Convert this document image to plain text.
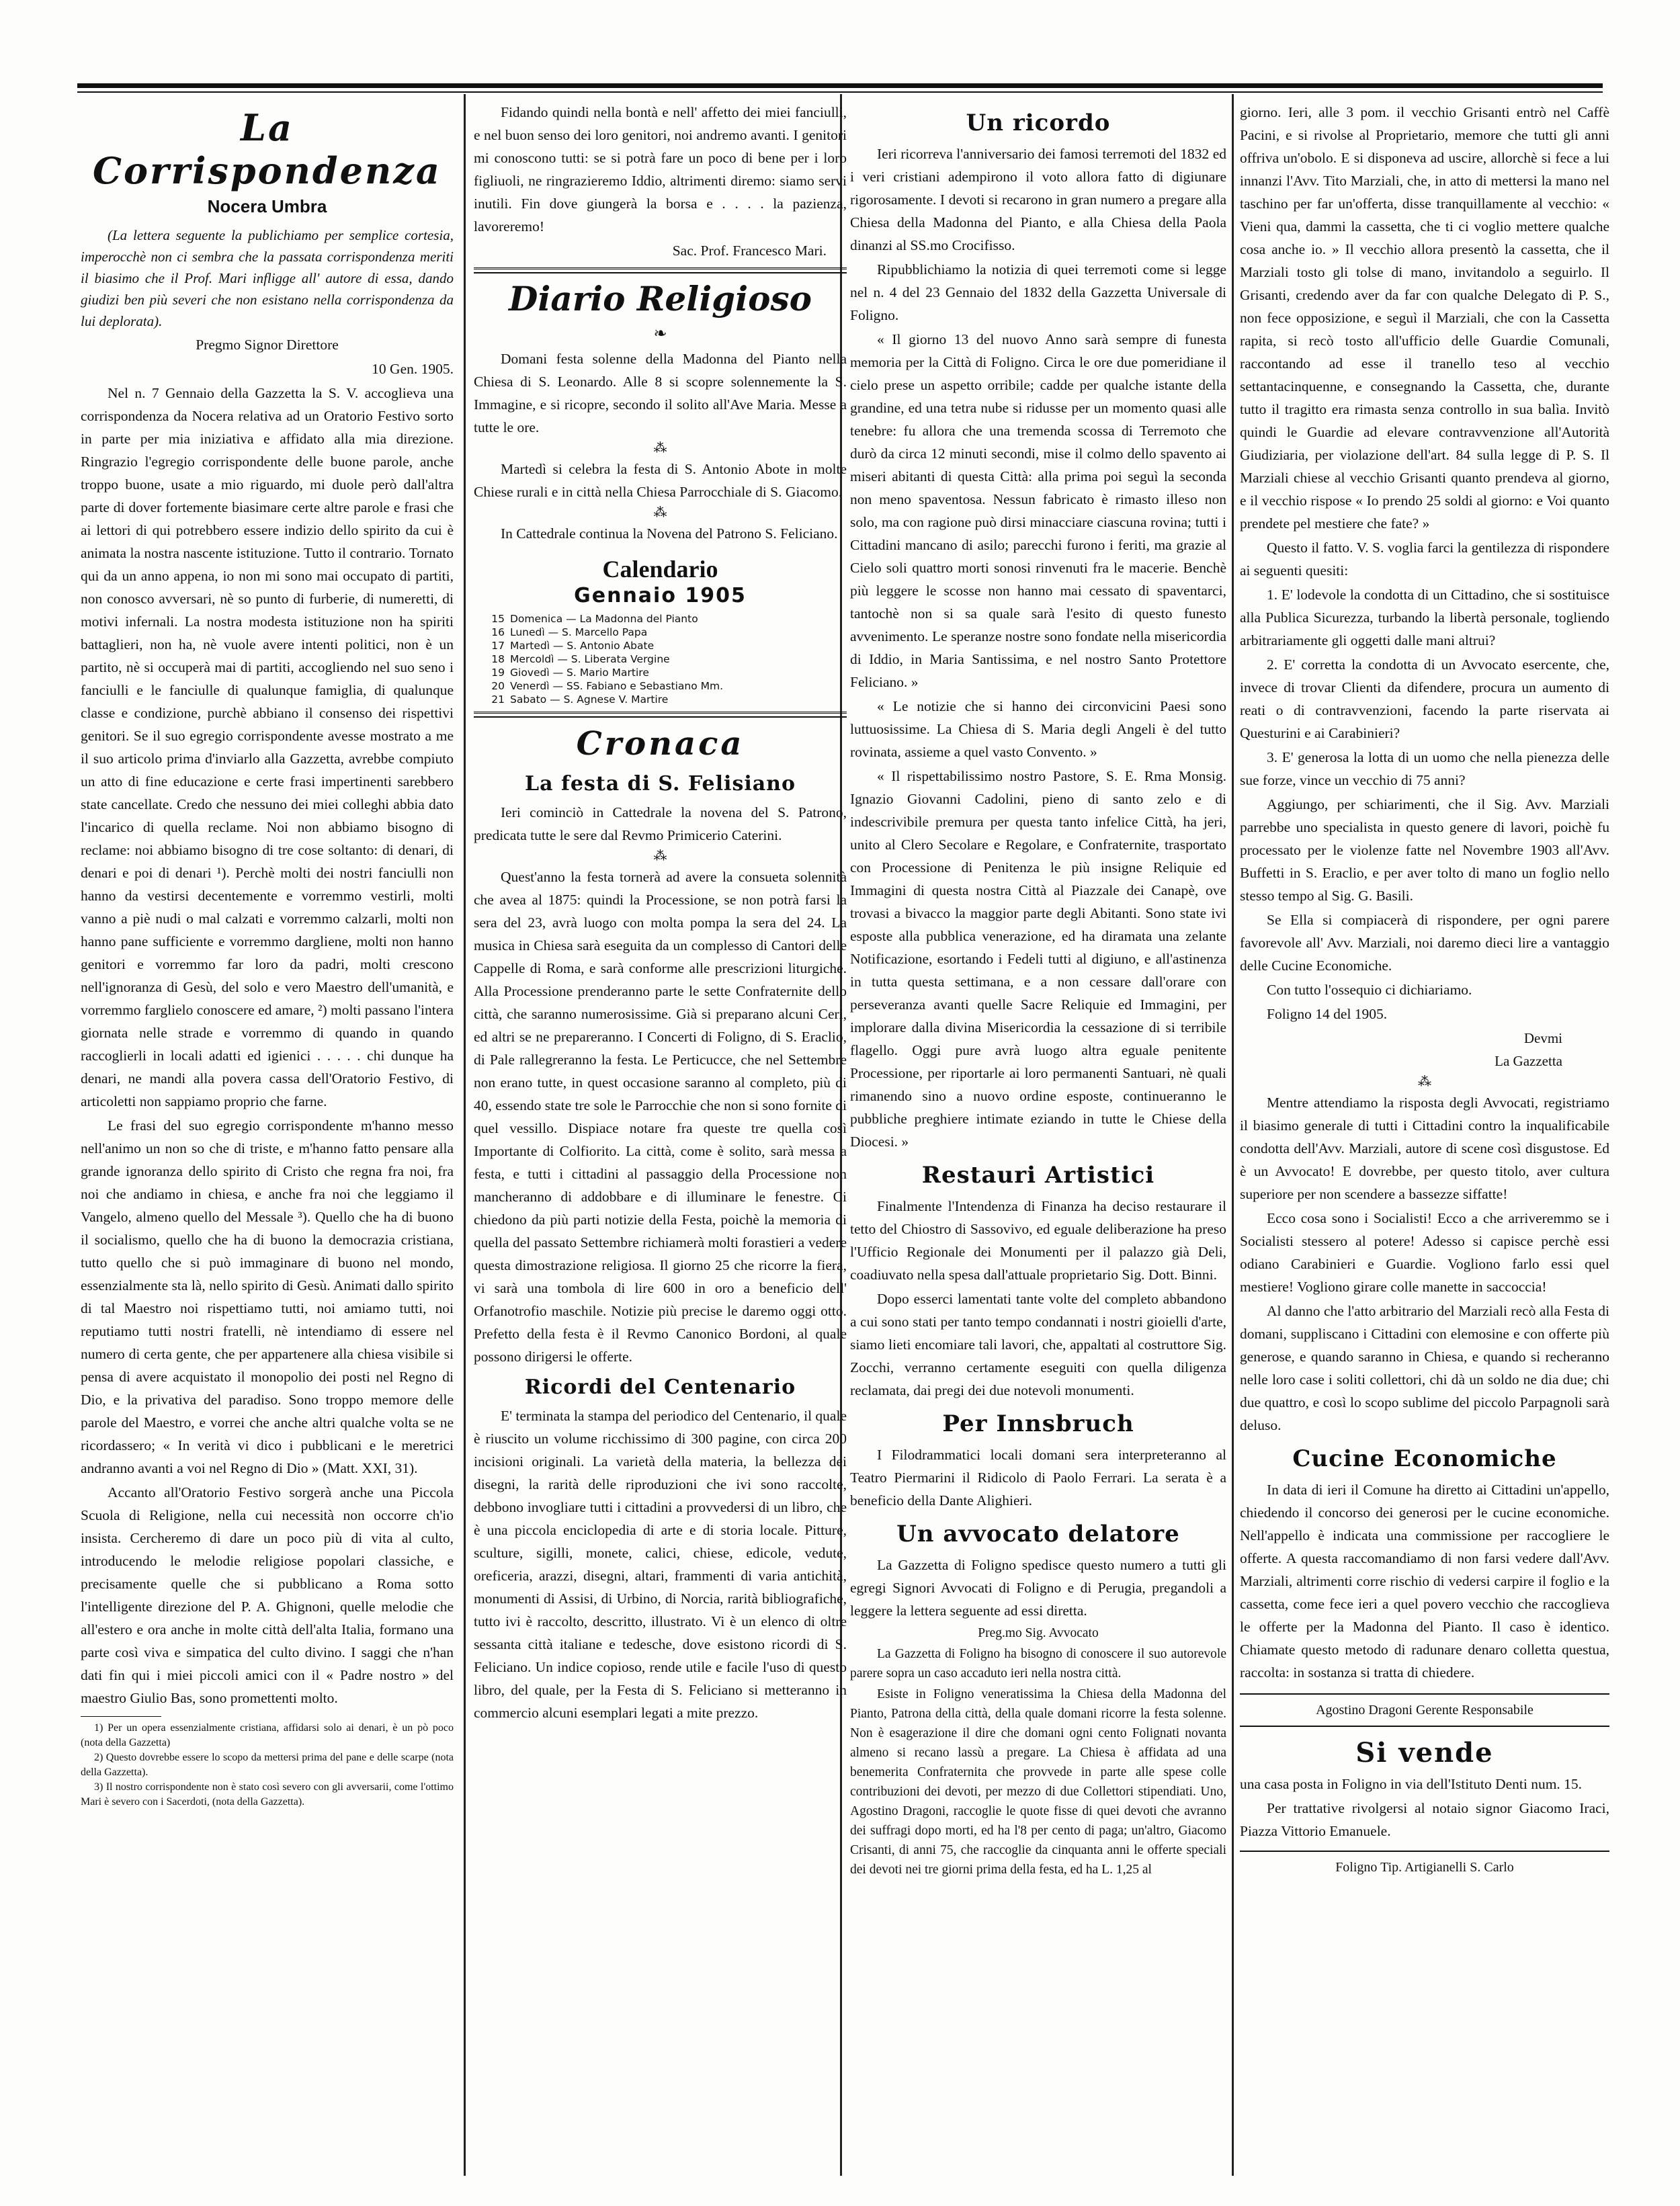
La Corrispondenza
Nocera Umbra

(La lettera seguente la publichiamo per semplice cortesia, imperocchè non ci sembra che la passata corrispondenza meriti il biasimo che il Prof. Mari infligge all' autore di essa, dando giudizi ben più severi che non esistano nella corrispondenza da lui deplorata).

Pregmo Signor Direttore

10 Gen. 1905.

Nel n. 7 Gennaio della Gazzetta la S. V. accoglieva una corrispondenza da Nocera relativa ad un Oratorio Festivo sorto in parte per mia iniziativa e affidato alla mia direzione. Ringrazio l'egregio corrispondente delle buone parole, anche troppo buone, usate a mio riguardo, mi duole però dall'altra parte di dover fortemente biasimare certe altre parole e frasi che ai lettori di qui potrebbero essere indizio dello spirito da cui è animata la nostra nascente istituzione. Tutto il contrario. Tornato qui da un anno appena, io non mi sono mai occupato di partiti, non conosco avversari, nè so punto di furberie, di numeretti, di motivi infernali. La nostra modesta istituzione non ha spiriti battaglieri, non ha, nè vuole avere intenti politici, non è un partito, nè si occuperà mai di partiti, accogliendo nel suo seno i fanciulli e le fanciulle di qualunque famiglia, di qualunque classe e condizione, purchè abbiano il consenso dei rispettivi genitori. Se il suo egregio corrispondente avesse mostrato a me il suo articolo prima d'inviarlo alla Gazzetta, avrebbe compiuto un atto di fine educazione e certe frasi impertinenti sarebbero state cancellate. Credo che nessuno dei miei colleghi abbia dato l'incarico di quella reclame. Noi non abbiamo bisogno di reclame: noi abbiamo bisogno di tre cose soltanto: di denari, di denari e poi di denari ¹). Perchè molti dei nostri fanciulli non hanno da vestirsi decentemente e vorremmo vestirli, molti vanno a piè nudi o mal calzati e vorremmo calzarli, molti non hanno pane sufficiente e vorremmo dargliene, molti non hanno genitori e vorremmo far loro da padri, molti crescono nell'ignoranza di Gesù, del solo e vero Maestro dell'umanità, e vorremmo farglielo conoscere ed amare, ²) molti passano l'intera giornata nelle strade e vorremmo di quando in quando raccoglierli in locali adatti ed igienici . . . . . chi dunque ha denari, ne mandi alla povera cassa dell'Oratorio Festivo, di articoletti non sappiamo proprio che farne.

Le frasi del suo egregio corrispondente m'hanno messo nell'animo un non so che di triste, e m'hanno fatto pensare alla grande ignoranza dello spirito di Cristo che regna fra noi, fra noi che andiamo in chiesa, e anche fra noi che leggiamo il Vangelo, almeno quello del Messale ³). Quello che ha di buono il socialismo, quello che ha di buono la democrazia cristiana, tutto quello che si può immaginare di buono nel mondo, essenzialmente sta là, nello spirito di Gesù. Animati dallo spirito di tal Maestro noi rispettiamo tutti, noi amiamo tutti, noi reputiamo tutti nostri fratelli, nè intendiamo di essere nel numero di certa gente, che per appartenere alla chiesa visibile si pensa di avere acquistato il monopolio dei posti nel Regno di Dio, e la privativa del paradiso. Sono troppo memore delle parole del Maestro, e vorrei che anche altri qualche volta se ne ricordassero; « In verità vi dico i pubblicani e le meretrici andranno avanti a voi nel Regno di Dio » (Matt. XXI, 31).

Accanto all'Oratorio Festivo sorgerà anche una Piccola Scuola di Religione, nella cui necessità non occorre ch'io insista. Cercheremo di dare un poco più di vita al culto, introducendo le melodie religiose popolari classiche, e precisamente quelle che si pubblicano a Roma sotto l'intelligente direzione del P. A. Ghignoni, quelle melodie che all'estero e ora anche in molte città dell'alta Italia, formano una parte così viva e simpatica del culto divino. I saggi che n'han dati fin qui i miei piccoli amici con il « Padre nostro » del maestro Giulio Bas, sono promettenti molto.

1) Per un opera essenzialmente cristiana, affidarsi solo ai denari, è un pò poco (nota della Gazzetta)

2) Questo dovrebbe essere lo scopo da mettersi prima del pane e delle scarpe (nota della Gazzetta).

3) Il nostro corrispondente non è stato così severo con gli avversarii, come l'ottimo Mari è severo con i Sacerdoti, (nota della Gazzetta).

Fidando quindi nella bontà e nell' affetto dei miei fanciulli, e nel buon senso dei loro genitori, noi andremo avanti. I genitori mi conoscono tutti: se si potrà fare un poco di bene per i loro figliuoli, ne ringrazieremo Iddio, altrimenti diremo: siamo servi inutili. Fin dove giungerà la borsa e . . . . la pazienza, lavoreremo!

Sac. Prof. Francesco Mari.

Diario Religioso
❧

Domani festa solenne della Madonna del Pianto nella Chiesa di S. Leonardo. Alle 8 si scopre solennemente la S. Immagine, e si ricopre, secondo il solito all'Ave Maria. Messe a tutte le ore.

⁂

Martedì si celebra la festa di S. Antonio Abote in molte Chiese rurali e in città nella Chiesa Parrocchiale di S. Giacomo.

⁂

In Cattedrale continua la Novena del Patrono S. Feliciano.

Calendario
Gennaio 1905
15 Domenica — La Madonna del Pianto
16 Lunedì — S. Marcello Papa
17 Martedì — S. Antonio Abate
18 Mercoldì — S. Liberata Vergine
19 Giovedì — S. Mario Martire
20 Venerdì — SS. Fabiano e Sebastiano Mm.
21 Sabato — S. Agnese V. Martire
Cronaca
La festa di S. Felisiano

Ieri cominciò in Cattedrale la novena del S. Patrono, predicata tutte le sere dal Revmo Primicerio Caterini.

⁂

Quest'anno la festa tornerà ad avere la consueta solennità che avea al 1875: quindi la Processione, se non potrà farsi la sera del 23, avrà luogo con molta pompa la sera del 24. La musica in Chiesa sarà eseguita da un complesso di Cantori delle Cappelle di Roma, e sarà conforme alle prescrizioni liturgiche. Alla Processione prenderanno parte le sette Confraternite dello città, che saranno numerosissime. Già si preparano alcuni Ceri, ed altri se ne prepareranno. I Concerti di Foligno, di S. Eraclio, di Pale rallegreranno la festa. Le Perticucce, che nel Settembre non erano tutte, in quest occasione saranno al completo, più di 40, essendo state tre sole le Parrocchie che non si sono fornite di quel vessillo. Dispiace notare fra queste tre quella così Importante di Colfiorito. La città, come è solito, sarà messa a festa, e tutti i cittadini al passaggio della Processione non mancheranno di addobbare e di illuminare le fenestre. Ci chiedono da più parti notizie della Festa, poichè la memoria di quella del passato Settembre richiamerà molti forastieri a vedere questa dimostrazione religiosa. Il giorno 25 che ricorre la fiera, vi sarà una tombola di lire 600 in oro a beneficio dell' Orfanotrofio maschile. Notizie più precise le daremo oggi otto. Prefetto della festa è il Revmo Canonico Bordoni, al quale possono dirigersi le offerte.

Ricordi del Centenario

E' terminata la stampa del periodico del Centenario, il quale è riuscito un volume ricchissimo di 300 pagine, con circa 200 incisioni originali. La varietà della materia, la bellezza dei disegni, la rarità delle riproduzioni che ivi sono raccolte, debbono invogliare tutti i cittadini a provvedersi di un libro, che è una piccola enciclopedia di arte e di storia locale. Pitture, sculture, sigilli, monete, calici, chiese, edicole, vedute, oreficeria, arazzi, disegni, altari, frammenti di varia antichità, monumenti di Assisi, di Urbino, di Norcia, rarità bibliografiche, tutto ivi è raccolto, descritto, illustrato. Vi è un elenco di oltre sessanta città italiane e tedesche, dove esistono ricordi di S. Feliciano. Un indice copioso, rende utile e facile l'uso di questo libro, del quale, per la Festa di S. Feliciano si metteranno in commercio alcuni esemplari legati a mite prezzo.

Un ricordo

Ieri ricorreva l'anniversario dei famosi terremoti del 1832 ed i veri cristiani adempirono il voto allora fatto di digiunare rigorosamente. I devoti si recarono in gran numero a pregare alla Chiesa della Madonna del Pianto, e alla Chiesa della Paola dinanzi al SS.mo Crocifisso.

Ripubblichiamo la notizia di quei terremoti come si legge nel n. 4 del 23 Gennaio del 1832 della Gazzetta Universale di Foligno.

« Il giorno 13 del nuovo Anno sarà sempre di funesta memoria per la Città di Foligno. Circa le ore due pomeridiane il cielo prese un aspetto orribile; cadde per qualche istante della grandine, ed una tetra nube si ridusse per un momento quasi alle tenebre: fu allora che una tremenda scossa di Terremoto che durò da circa 12 minuti secondi, mise il colmo dello spavento ai miseri abitanti di questa Città: alla prima poi seguì la seconda non meno spaventosa. Nessun fabricato è rimasto illeso non solo, ma con ragione può dirsi minacciare ciascuna rovina; tutti i Cittadini mancano di asilo; parecchi furono i feriti, ma grazie al Cielo soli quattro morti sonosi rinvenuti fra le macerie. Benchè più leggere le scosse non hanno mai cessato di spaventarci, tantochè non si sa quale sarà l'esito di questo funesto avvenimento. Le speranze nostre sono fondate nella misericordia di Iddio, in Maria Santissima, e nel nostro Santo Protettore Feliciano. »

« Le notizie che si hanno dei circonvicini Paesi sono luttuosissime. La Chiesa di S. Maria degli Angeli è del tutto rovinata, assieme a quel vasto Convento. »

« Il rispettabilissimo nostro Pastore, S. E. Rma Monsig. Ignazio Giovanni Cadolini, pieno di santo zelo e di indescrivibile premura per questa tanto infelice Città, ha jeri, unito al Clero Secolare e Regolare, e Confraternite, trasportato con Processione di Penitenza le più insigne Reliquie ed Immagini di questa nostra Città al Piazzale dei Canapè, ove trovasi a bivacco la maggior parte degli Abitanti. Sono state ivi esposte alla pubblica venerazione, ed ha diramata una zelante Notificazione, esortando i Fedeli tutti al digiuno, e all'astinenza in tutta questa settimana, e a non cessare dall'orare con perseveranza avanti quelle Sacre Reliquie ed Immagini, per implorare dalla divina Misericordia la cessazione di si terribile flagello. Oggi pure avrà luogo altra eguale penitente Processione, per riportarle ai loro permanenti Santuari, nè quali rimanendo sino a nuovo ordine esposte, continueranno le pubbliche preghiere intimate eziando in tutte le Chiese della Diocesi. »

Restauri Artistici

Finalmente l'Intendenza di Finanza ha deciso restaurare il tetto del Chiostro di Sassovivo, ed eguale deliberazione ha preso l'Ufficio Regionale dei Monumenti per il palazzo già Deli, coadiuvato nella spesa dall'attuale proprietario Sig. Dott. Binni.

Dopo esserci lamentati tante volte del completo abbandono a cui sono stati per tanto tempo condannati i nostri gioielli d'arte, siamo lieti encomiare tali lavori, che, appaltati al costruttore Sig. Zocchi, verranno certamente eseguiti con quella diligenza reclamata, dai pregi dei due notevoli monumenti.

Per Innsbruch

I Filodrammatici locali domani sera interpreteranno al Teatro Piermarini il Ridicolo di Paolo Ferrari. La serata è a beneficio della Dante Alighieri.

Un avvocato delatore

La Gazzetta di Foligno spedisce questo numero a tutti gli egregi Signori Avvocati di Foligno e di Perugia, pregandoli a leggere la lettera seguente ad essi diretta.

Preg.mo Sig. Avvocato

La Gazzetta di Foligno ha bisogno di conoscere il suo autorevole parere sopra un caso accaduto ieri nella nostra città.

Esiste in Foligno veneratissima la Chiesa della Madonna del Pianto, Patrona della città, della quale domani ricorre la festa solenne. Non è esagerazione il dire che domani ogni cento Folignati novanta almeno si recano lassù a pregare. La Chiesa è affidata ad una benemerita Confraternita che provvede in parte alle spese colle contribuzioni dei devoti, per mezzo di due Collettori stipendiati. Uno, Agostino Dragoni, raccoglie le quote fisse di quei devoti che avranno dei suffragi dopo morti, ed ha l'8 per cento di paga; un'altro, Giacomo Crisanti, di anni 75, che raccoglie da cinquanta anni le offerte speciali dei devoti nei tre giorni prima della festa, ed ha L. 1,25 al

giorno. Ieri, alle 3 pom. il vecchio Grisanti entrò nel Caffè Pacini, e si rivolse al Proprietario, memore che tutti gli anni offriva un'obolo. E si disponeva ad uscire, allorchè si fece a lui innanzi l'Avv. Tito Marziali, che, in atto di mettersi la mano nel taschino per far un'offerta, disse tranquillamente al vecchio: « Vieni qua, dammi la cassetta, che ti ci voglio mettere qualche cosa anche io. » Il vecchio allora presentò la cassetta, che il Marziali tosto gli tolse di mano, invitandolo a seguirlo. Il Grisanti, credendo aver da far con qualche Delegato di P. S., non fece opposizione, e seguì il Marziali, che con la Cassetta rapita, si recò tosto all'ufficio delle Guardie Comunali, raccontando ad esse il tranello teso al vecchio settantacinquenne, e consegnando la Cassetta, che, durante tutto il tragitto era rimasta senza controllo in sua balìa. Invitò quindi le Guardie ad elevare contravvenzione all'Autorità Giudiziaria, per violazione dell'art. 84 sulla legge di P. S. Il Marziali chiese al vecchio Grisanti quanto prendeva al giorno, e il vecchio rispose « Io prendo 25 soldi al giorno: e Voi quanto prendete pel mestiere che fate? »

Questo il fatto. V. S. voglia farci la gentilezza di rispondere ai seguenti quesiti:

1. E' lodevole la condotta di un Cittadino, che si sostituisce alla Publica Sicurezza, turbando la libertà personale, togliendo arbitrariamente gli oggetti dalle mani altrui?

2. E' corretta la condotta di un Avvocato esercente, che, invece di trovar Clienti da difendere, procura un aumento di reati o di contravvenzioni, facendo la parte riservata ai Questurini e ai Carabinieri?

3. E' generosa la lotta di un uomo che nella pienezza delle sue forze, vince un vecchio di 75 anni?

Aggiungo, per schiarimenti, che il Sig. Avv. Marziali parrebbe uno specialista in questo genere di lavori, poichè fu processato per le violenze fatte nel Novembre 1903 all'Avv. Buffetti in S. Eraclio, e per aver tolto di mano un foglio nello stesso tempo al Sig. G. Basili.

Se Ella si compiacerà di rispondere, per ogni parere favorevole all' Avv. Marziali, noi daremo dieci lire a vantaggio delle Cucine Economiche.

Con tutto l'ossequio ci dichiariamo.

Foligno 14 del 1905.

Devmi
La Gazzetta
⁂

Mentre attendiamo la risposta degli Avvocati, registriamo il biasimo generale di tutti i Cittadini contro la inqualificabile condotta dell'Avv. Marziali, autore di scene così disgustose. Ed è un Avvocato! E dovrebbe, per questo titolo, aver cultura superiore per non scendere a bassezze siffatte!

Ecco cosa sono i Socialisti! Ecco a che arriveremmo se i Socialisti stessero al potere! Adesso si capisce perchè essi odiano Carabinieri e Guardie. Vogliono farlo essi quel mestiere! Vogliono girare colle manette in saccoccia!

Al danno che l'atto arbitrario del Marziali recò alla Festa di domani, suppliscano i Cittadini con elemosine e con offerte più generose, e quando saranno in Chiesa, e quando si recheranno nelle loro case i soliti collettori, chi dà un soldo ne dia due; chi due quattro, e così lo scopo sublime del piccolo Parpagnoli sarà deluso.

Cucine Economiche

In data di ieri il Comune ha diretto ai Cittadini un'appello, chiedendo il concorso dei generosi per le cucine economiche. Nell'appello è indicata una commissione per raccogliere le offerte. A questa raccomandiamo di non farsi vedere dall'Avv. Marziali, altrimenti corre rischio di vedersi carpire il foglio e la cassetta, come fece ieri a quel povero vecchio che raccoglieva le offerte per la Madonna del Pianto. Il caso è identico. Chiamate questo metodo di radunare denaro colletta questua, raccolta: in sostanza si tratta di chiedere.

Agostino Dragoni Gerente Responsabile
Si vende

una casa posta in Foligno in via dell'Istituto Denti num. 15.

Per trattative rivolgersi al notaio signor Giacomo Iraci, Piazza Vittorio Emanuele.

Foligno Tip. Artigianelli S. Carlo
